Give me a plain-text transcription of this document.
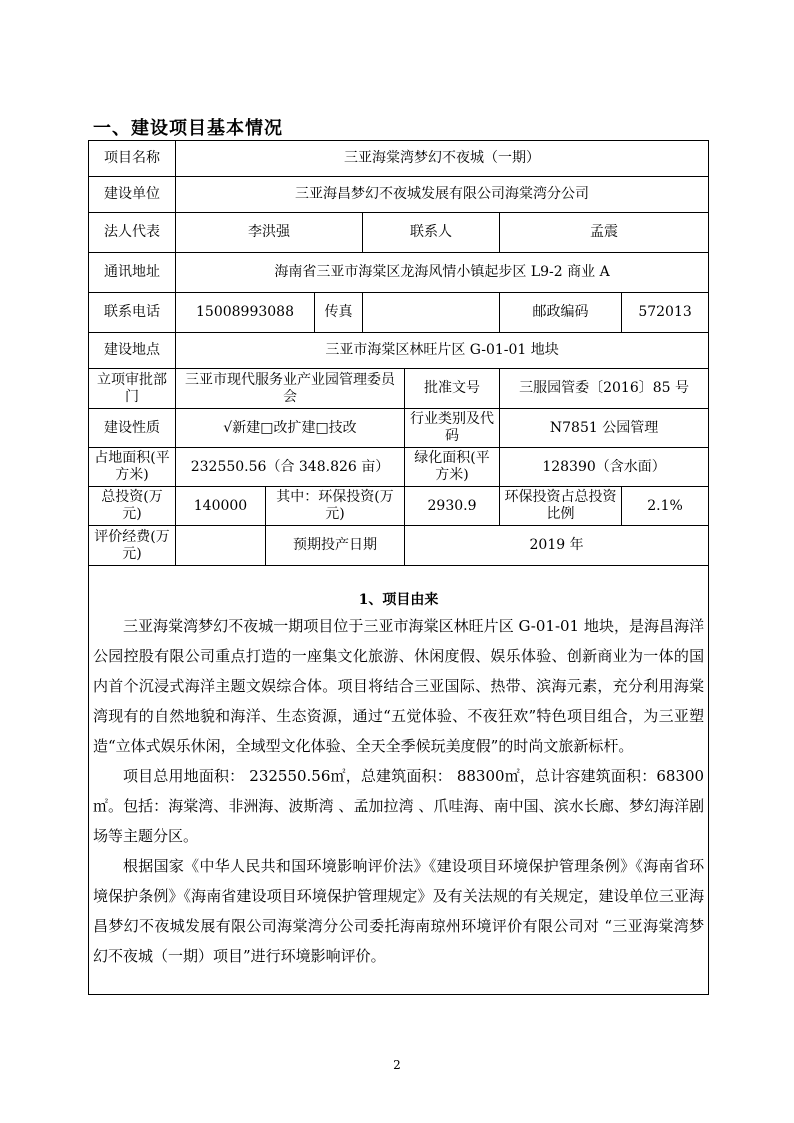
一、建设项目基本情况
项目名称	三亚海棠湾梦幻不夜城（一期）						
建设单位	三亚海昌梦幻不夜城发展有限公司海棠湾分公司						
法人代表	李洪强			联系人		孟震	
通讯地址	海南省三亚市海棠区龙海风情小镇起步区 L9-2 商业 A						
联系电话	15008993088		传真			邮政编码	572013
建设地点	三亚市海棠区林旺片区 G-01-01 地块						
立项审批部门	三亚市现代服务业产业园管理委员会				批准文号	三服园管委〔2016〕85 号	
建设性质	√新建□改扩建□技改				行业类别及代码	N7851 公园管理	
占地面积(平方米)	232550.56（合 348.826 亩）				绿化面积(平方米)	128390（含水面）	
总投资(万元)	140000	其中：环保投资(万元)			2930.9	环保投资占总投资比例	2.1%
评价经费(万元)		预期投产日期			2019 年		

1、项目由来

三亚海棠湾梦幻不夜城一期项目位于三亚市海棠区林旺片区 G-01-01 地块，是海昌海洋公园控股有限公司重点打造的一座集文化旅游、休闲度假、娱乐体验、创新商业为一体的国内首个沉浸式海洋主题文娱综合体。项目将结合三亚国际、热带、滨海元素，充分利用海棠湾现有的自然地貌和海洋、生态资源，通过“五觉体验、不夜狂欢”特色项目组合，为三亚塑造“立体式娱乐休闲，全域型文化体验、全天全季候玩美度假”的时尚文旅新标杆。

项目总用地面积： 232550.56㎡，总建筑面积： 88300㎡，总计容建筑面积：68300㎡。包括：海棠湾、非洲海、波斯湾 、孟加拉湾 、爪哇海、南中国、滨水长廊、梦幻海洋剧场等主题分区。

根据国家《中华人民共和国环境影响评价法》《建设项目环境保护管理条例》《海南省环境保护条例》《海南省建设项目环境保护管理规定》及有关法规的有关规定，建设单位三亚海昌梦幻不夜城发展有限公司海棠湾分公司委托海南琼州环境评价有限公司对 “三亚海棠湾梦幻不夜城（一期）项目”进行环境影响评价。							

2
